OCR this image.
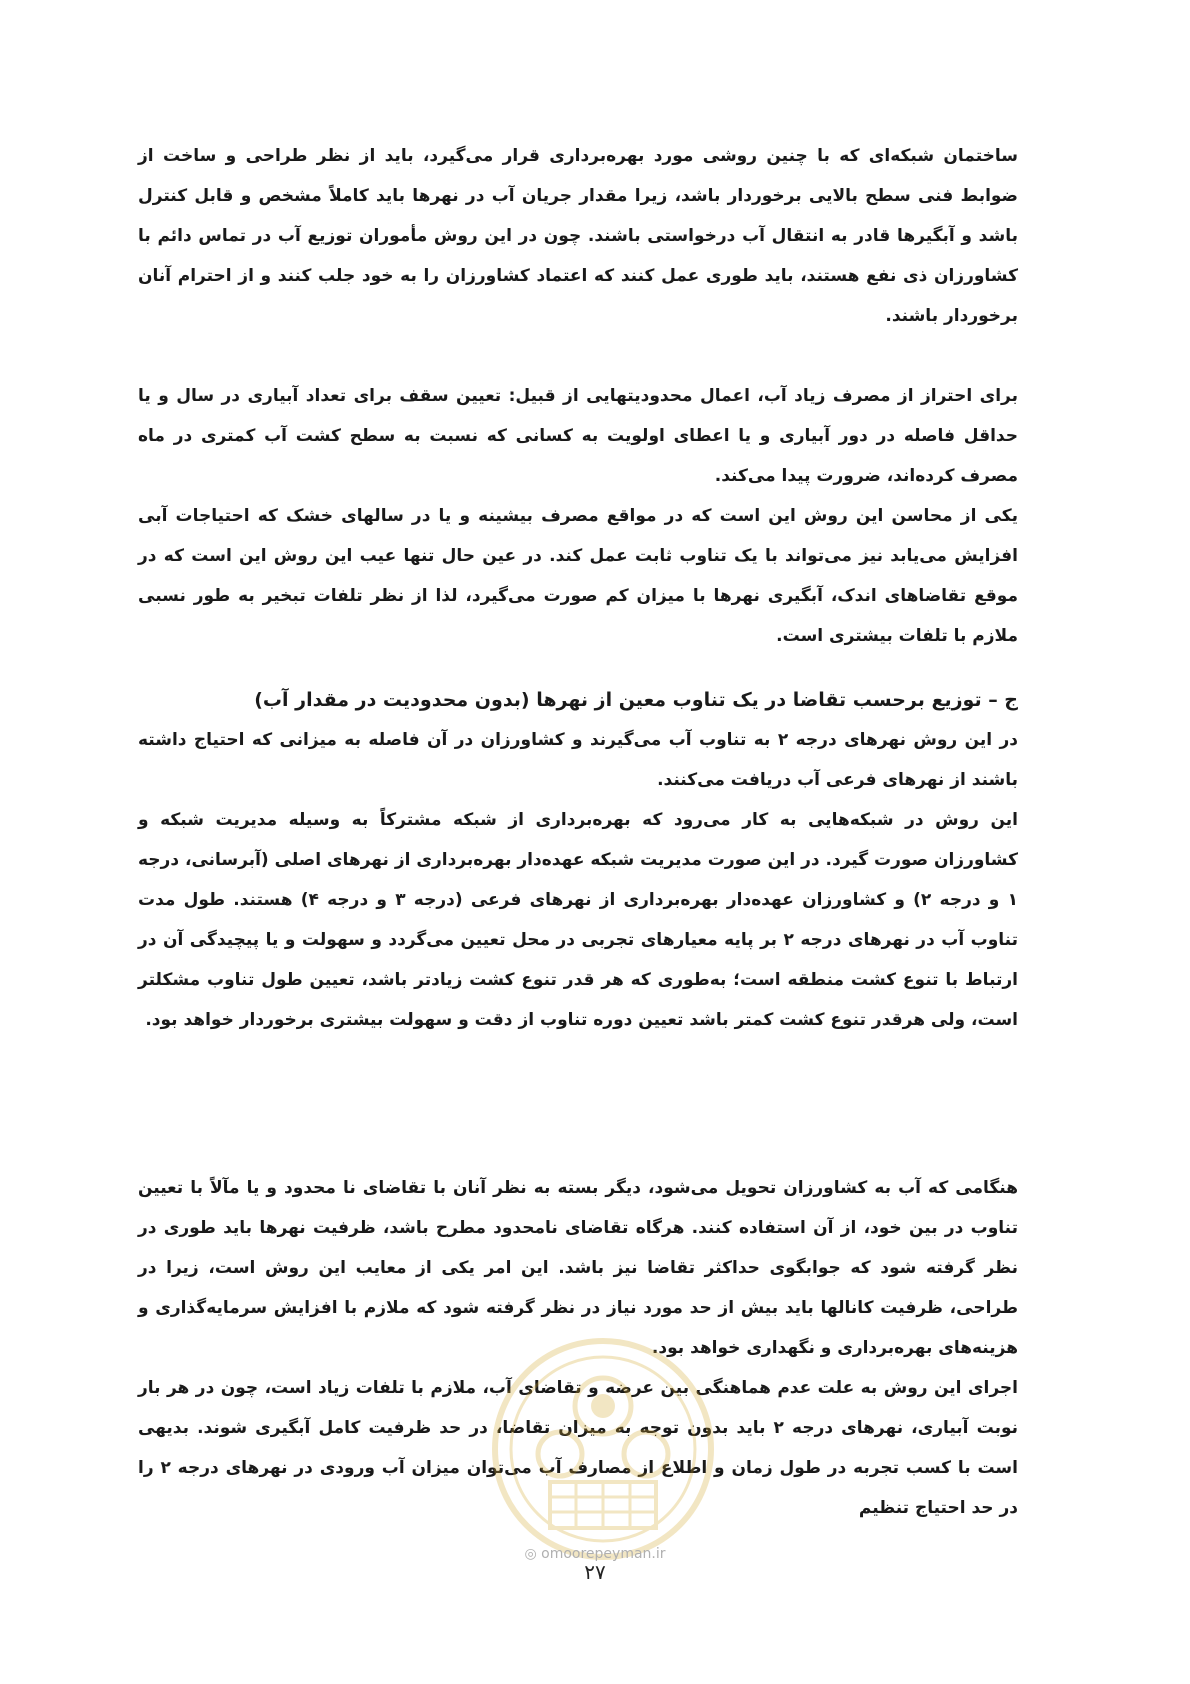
ساختمان شبکه‌ای که با چنین روشی مورد بهره‌برداری قرار می‌گیرد، باید از نظر طراحی و ساخت از ضوابط فنی سطح بالایی برخوردار باشد، زیرا مقدار جریان آب در نهرها باید کاملاً مشخص و قابل کنترل باشد و آبگیرها قادر به انتقال آب درخواستی باشند. چون در این روش مأموران توزیع آب در تماس دائم با کشاورزان ذی نفع هستند، باید طوری عمل کنند که اعتماد کشاورزان را به خود جلب کنند و از احترام آنان برخوردار باشند.

برای احتراز از مصرف زیاد آب، اعمال محدودیتهایی از قبیل: تعیین سقف برای تعداد آبیاری در سال و یا حداقل فاصله در دور آبیاری و یا اعطای اولویت به کسانی که نسبت به سطح کشت آب کمتری در ماه مصرف کرده‌اند، ضرورت پیدا می‌کند.

یکی از محاسن این روش این است که در مواقع مصرف بیشینه و یا در سالهای خشک که احتیاجات آبی افزایش می‌یابد نیز می‌تواند با یک تناوب ثابت عمل کند. در عین حال تنها عیب این روش این است که در موقع تقاضاهای اندک، آبگیری نهرها با میزان کم صورت می‌گیرد، لذا از نظر تلفات تبخیر به طور نسبی ملازم با تلفات بیشتری است.

ج – توزیع برحسب تقاضا در یک تناوب معین از نهرها (بدون محدودیت در مقدار آب)

در این روش نهرهای درجه ۲ به تناوب آب می‌گیرند و کشاورزان در آن فاصله به میزانی که احتیاج داشته باشند از نهرهای فرعی آب دریافت می‌کنند.

این روش در شبکه‌هایی به کار می‌رود که بهره‌برداری از شبکه مشترکاً به وسیله مدیریت شبکه و کشاورزان صورت گیرد. در این صورت مدیریت شبکه عهده‌دار بهره‌برداری از نهرهای اصلی (آبرسانی، درجه ۱ و درجه ۲) و کشاورزان عهده‌دار بهره‌برداری از نهرهای فرعی (درجه ۳ و درجه ۴) هستند. طول مدت تناوب آب در نهرهای درجه ۲ بر پایه معیارهای تجربی در محل تعیین می‌گردد و سهولت و یا پیچیدگی آن در ارتباط با تنوع کشت منطقه است؛ به‌طوری که هر قدر تنوع کشت زیادتر باشد، تعیین طول تناوب مشکلتر است، ولی هرقدر تنوع کشت کمتر باشد تعیین دوره تناوب از دقت و سهولت بیشتری برخوردار خواهد بود.

هنگامی که آب به کشاورزان تحویل می‌شود، دیگر بسته به نظر آنان با تقاضای نا محدود و یا مآلاً با تعیین تناوب در بین خود، از آن استفاده کنند. هرگاه تقاضای نامحدود مطرح باشد، ظرفیت نهرها باید طوری در نظر گرفته شود که جوابگوی حداکثر تقاضا نیز باشد. این امر یکی از معایب این روش است، زیرا در طراحی، ظرفیت کانالها باید بیش از حد مورد نیاز در نظر گرفته شود که ملازم با افزایش سرمایه‌گذاری و هزینه‌های بهره‌برداری و نگهداری خواهد بود.

اجرای این روش به علت عدم هماهنگی بین عرضه و تقاضای آب، ملازم با تلفات زیاد است، چون در هر بار نوبت آبیاری، نهرهای درجه ۲ باید بدون توجه به میزان تقاضا، در حد ظرفیت کامل آبگیری شوند. بدیهی است با کسب تجربه در طول زمان و اطلاع از مصارف آب می‌توان میزان آب ورودی در نهرهای درجه ۲ را در حد احتیاج تنظیم

◎ omoorepeyman.ir
۲۷
